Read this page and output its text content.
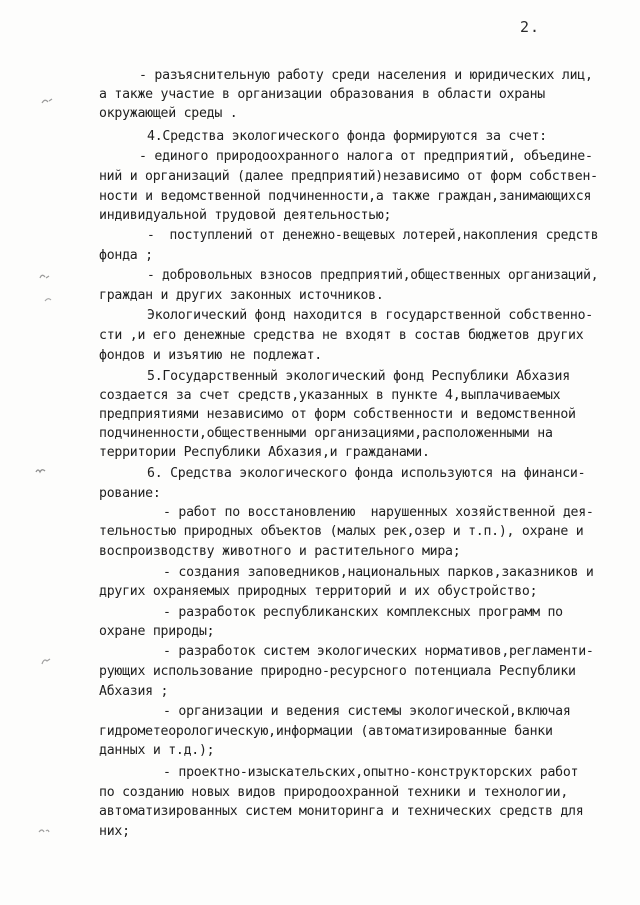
2.
- разъяснительную работу среди населения и юридических лиц,
а также участие в организации образования в области охраны
окружающей среды .
4.Средства экологического фонда формируются за счет:
- единого природоохранного налога от предприятий, объедине-
ний и организаций (далее предприятий)независимо от форм собствен-
ности и ведомственной подчиненности,а также граждан,занимающихся
индивидуальной трудовой деятельностью;
-  поступлений от денежно-вещевых лотерей,накопления средств
фонда ;
- добровольных взносов предприятий,общественных организаций,
граждан и других законных источников.
Экологический фонд находится в государственной собственно-
сти ,и его денежные средства не входят в состав бюджетов других
фондов и изъятию не подлежат.
5.Государственный экологический фонд Республики Абхазия
создается за счет средств,указанных в пункте 4,выплачиваемых
предприятиями независимо от форм собственности и ведомственной
подчиненности,общественными организациями,расположенными на
территории Республики Абхазия,и гражданами.
6. Средства экологического фонда используются на финанси-
рование:
- работ по восстановлению  нарушенных хозяйственной дея-
тельностью природных объектов (малых рек,озер и т.п.), охране и
воспроизводству животного и растительного мира;
- создания заповедников,национальных парков,заказников и
других охраняемых природных территорий и их обустройство;
- разработок республиканских комплексных программ по
охране природы;
- разработок систем экологических нормативов,регламенти-
рующих использование природно-ресурсного потенциала Республики
Абхазия ;
- организации и ведения системы экологической,включая
гидрометеорологическую,информации (автоматизированные банки
данных и т.д.);
- проектно-изыскательских,опытно-конструкторских работ
по созданию новых видов природоохранной техники и технологии,
автоматизированных систем мониторинга и технических средств для
них;
